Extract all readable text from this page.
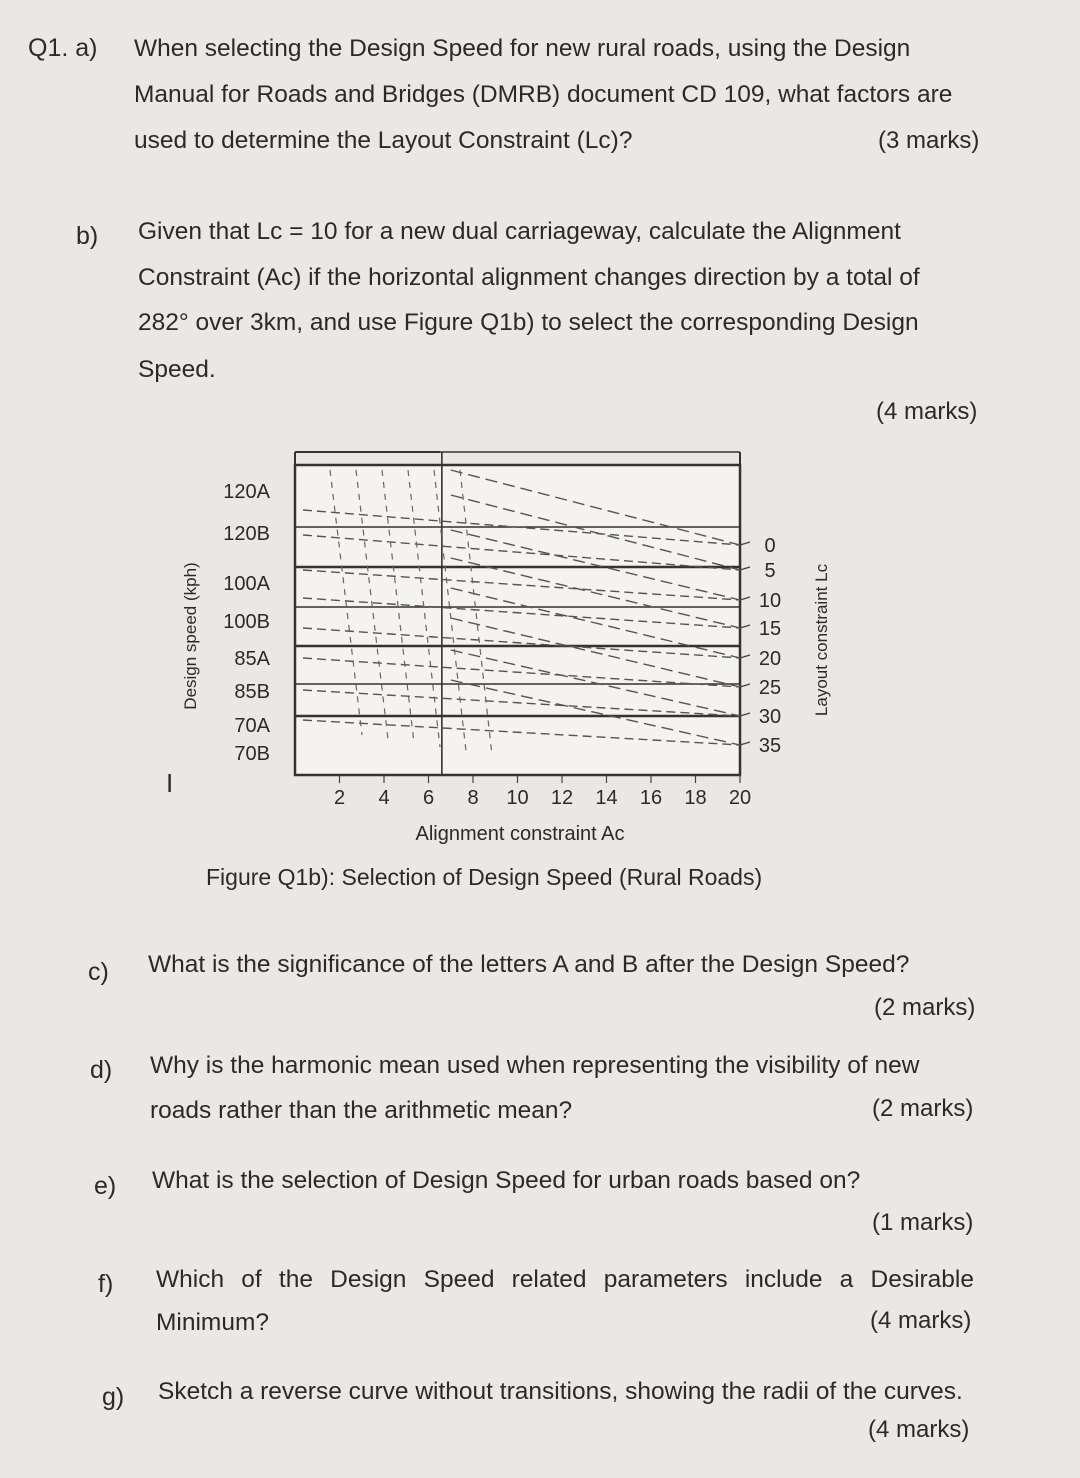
Q1. a) When selecting the Design Speed for new rural roads, using the Design
Manual for Roads and Bridges (DMRB) document CD 109, what factors are
used to determine the Layout Constraint (Lc)?	(3 marks)
b) Given that Lc = 10 for a new dual carriageway, calculate the Alignment
Constraint (Ac) if the horizontal alignment changes direction by a total of
282° over 3km, and use Figure Q1b) to select the corresponding Design
Speed.
(4 marks)
120A
120B
100A
100B
85A
85B
70A
70B
0
5
10
15
20
25
30
35
2 4 6 8 10 12 14 16 18 20
Design speed (kph)	Layout constraint Lc
Alignment constraint Ac
I
Figure Q1b): Selection of Design Speed (Rural Roads)
c) What is the significance of the letters A and B after the Design Speed?
(2 marks)
d) Why is the harmonic mean used when representing the visibility of new
roads rather than the arithmetic mean?	(2 marks)
e) What is the selection of Design Speed for urban roads based on?
(1 marks)
f) Which of the Design Speed related parameters include a Desirable
Minimum?	(4 marks)
g) Sketch a reverse curve without transitions, showing the radii of the curves.
(4 marks)
